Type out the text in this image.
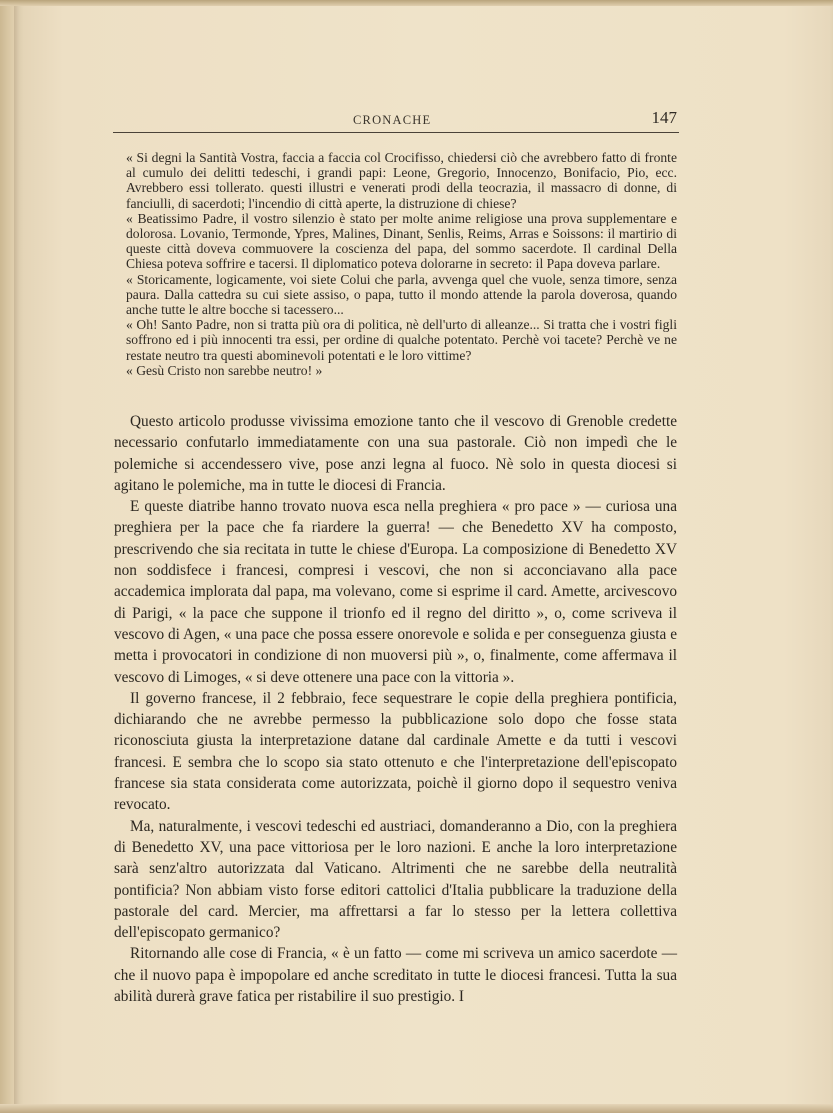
CRONACHE	147

« Si degni la Santità Vostra, faccia a faccia col Crocifisso, chiedersi ciò che avrebbero fatto di fronte al cumulo dei delitti tedeschi, i grandi papi: Leone, Gregorio, Innocenzo, Bonifacio, Pio, ecc. Avrebbero essi tollerato. questi illustri e venerati prodi della teocrazia, il massacro di donne, di fanciulli, di sacerdoti; l'incendio di città aperte, la distruzione di chiese?

« Beatissimo Padre, il vostro silenzio è stato per molte anime religiose una prova supplementare e dolorosa. Lovanio, Termonde, Ypres, Malines, Dinant, Senlis, Reims, Arras e Soissons: il martirio di queste città doveva commuovere la coscienza del papa, del sommo sacerdote. Il cardinal Della Chiesa poteva soffrire e tacersi. Il diplomatico poteva dolorarne in secreto: il Papa doveva parlare.

« Storicamente, logicamente, voi siete Colui che parla, avvenga quel che vuole, senza timore, senza paura. Dalla cattedra su cui siete assiso, o papa, tutto il mondo attende la parola doverosa, quando anche tutte le altre bocche si tacessero...

« Oh! Santo Padre, non si tratta più ora di politica, nè dell'urto di alleanze... Si tratta che i vostri figli soffrono ed i più innocenti tra essi, per ordine di qualche potentato. Perchè voi tacete? Perchè ve ne restate neutro tra questi abominevoli potentati e le loro vittime?

« Gesù Cristo non sarebbe neutro! »

Questo articolo produsse vivissima emozione tanto che il vescovo di Grenoble credette necessario confutarlo immediatamente con una sua pastorale. Ciò non impedì che le polemiche si accendessero vive, pose anzi legna al fuoco. Nè solo in questa diocesi si agitano le polemiche, ma in tutte le diocesi di Francia.

E queste diatribe hanno trovato nuova esca nella preghiera « pro pace » — curiosa una preghiera per la pace che fa riardere la guerra! — che Benedetto XV ha composto, prescrivendo che sia recitata in tutte le chiese d'Europa. La composizione di Benedetto XV non soddisfece i francesi, compresi i vescovi, che non si acconciavano alla pace accademica implorata dal papa, ma volevano, come si esprime il card. Amette, arcivescovo di Parigi, « la pace che suppone il trionfo ed il regno del diritto », o, come scriveva il vescovo di Agen, « una pace che possa essere onorevole e solida e per conseguenza giusta e metta i provocatori in condizione di non muoversi più », o, finalmente, come affermava il vescovo di Limoges, « si deve ottenere una pace con la vittoria ».

Il governo francese, il 2 febbraio, fece sequestrare le copie della preghiera pontificia, dichiarando che ne avrebbe permesso la pubblicazione solo dopo che fosse stata riconosciuta giusta la interpretazione datane dal cardinale Amette e da tutti i vescovi francesi. E sembra che lo scopo sia stato ottenuto e che l'interpretazione dell'episcopato francese sia stata considerata come autorizzata, poichè il giorno dopo il sequestro veniva revocato.

Ma, naturalmente, i vescovi tedeschi ed austriaci, domanderanno a Dio, con la preghiera di Benedetto XV, una pace vittoriosa per le loro nazioni. E anche la loro interpretazione sarà senz'altro autorizzata dal Vaticano. Altrimenti che ne sarebbe della neutralità pontificia? Non abbiam visto forse editori cattolici d'Italia pubblicare la traduzione della pastorale del card. Mercier, ma affrettarsi a far lo stesso per la lettera collettiva dell'episcopato germanico?

Ritornando alle cose di Francia, « è un fatto — come mi scriveva un amico sacerdote — che il nuovo papa è impopolare ed anche screditato in tutte le diocesi francesi. Tutta la sua abilità durerà grave fatica per ristabilire il suo prestigio. I
